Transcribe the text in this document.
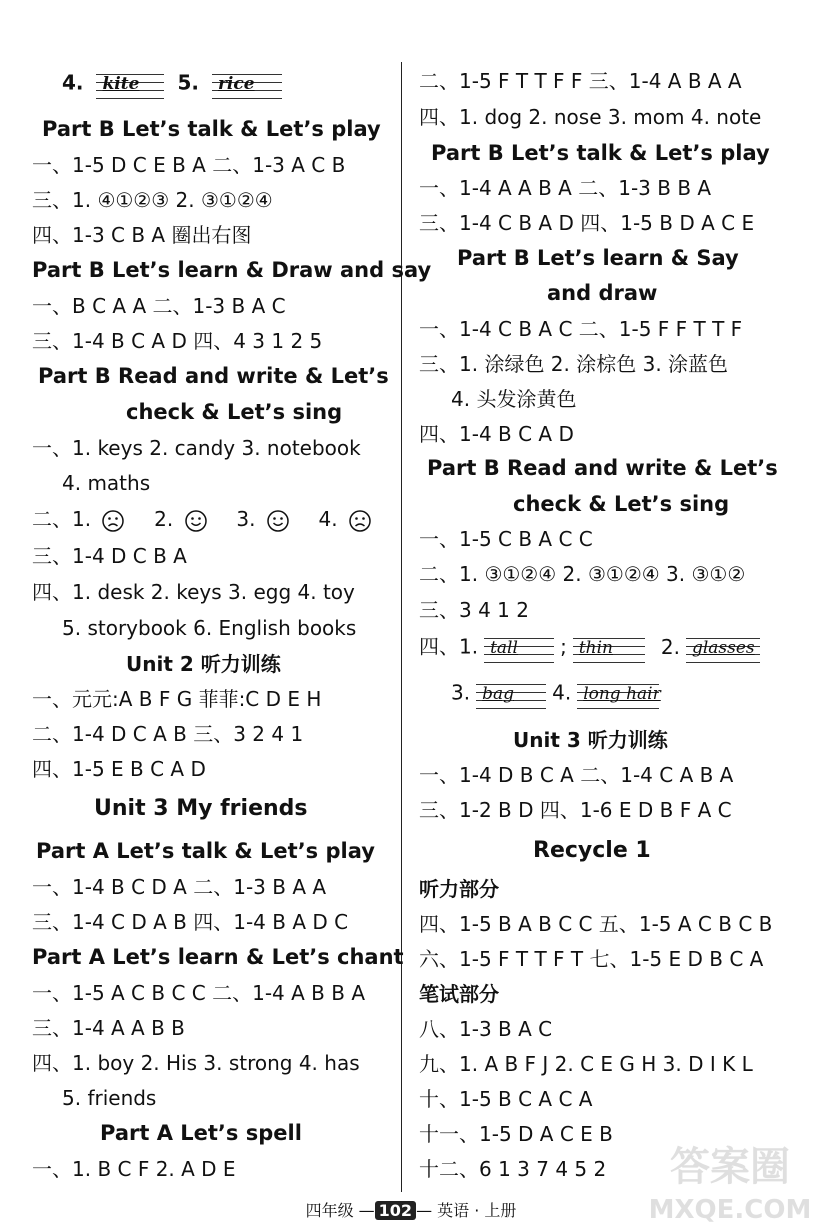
4. kite	5. rice
Part B Let’s talk & Let’s play
一、1-5 D C E B A 二、1-3 A C B
三、1. ④①②③ 2. ③①②④
四、1-3 C B A 圈出右图
Part B Let’s learn & Draw and say
一、B C A A 二、1-3 B A C
三、1-4 B C A D 四、4 3 1 2 5
Part B Read and write & Let’s
check & Let’s sing
一、1. keys 2. candy 3. notebook
4. maths
二、1.	2.	3.	4.
三、1-4 D C B A
四、1. desk 2. keys 3. egg 4. toy
5. storybook 6. English books
Unit 2 听力训练
一、元元:A B F G 菲菲:C D E H
二、1-4 D C A B 三、3 2 4 1
四、1-5 E B C A D
Unit 3 My friends
Part A Let’s talk & Let’s play
一、1-4 B C D A 二、1-3 B A A
三、1-4 C D A B 四、1-4 B A D C
Part A Let’s learn & Let’s chant
一、1-5 A C B C C 二、1-4 A B B A
三、1-4 A A B B
四、1. boy 2. His 3. strong 4. has
5. friends
Part A Let’s spell
一、1. B C F 2. A D E
二、1-5 F T T F F 三、1-4 A B A A
四、1. dog 2. nose 3. mom 4. note
Part B Let’s talk & Let’s play
一、1-4 A A B A 二、1-3 B B A
三、1-4 C B A D 四、1-5 B D A C E
Part B Let’s learn & Say
and draw
一、1-4 C B A C 二、1-5 F F T T F
三、1. 涂绿色 2. 涂棕色 3. 涂蓝色
4. 头发涂黄色
四、1-4 B C A D
Part B Read and write & Let’s
check & Let’s sing
一、1-5 C B A C C
二、1. ③①②④ 2. ③①②④ 3. ③①②
三、3 4 1 2
四、1. tall	; thin	2. glasses
3. bag	4. long hair
Unit 3 听力训练
一、1-4 D B C A 二、1-4 C A B A
三、1-2 B D 四、1-6 E D B F A C
Recycle 1
听力部分
四、1-5 B A B C C 五、1-5 A C B C B
六、1-5 F T T F T 七、1-5 E D B C A
笔试部分
八、1-3 B A C
九、1. A B F J 2. C E G H 3. D I K L
十、1-5 B C A C A
十一、1-5 D A C E B
十二、6 1 3 7 4 5 2
四年级 — 102 — 英语 · 上册
答案圈
MXQE.COM
